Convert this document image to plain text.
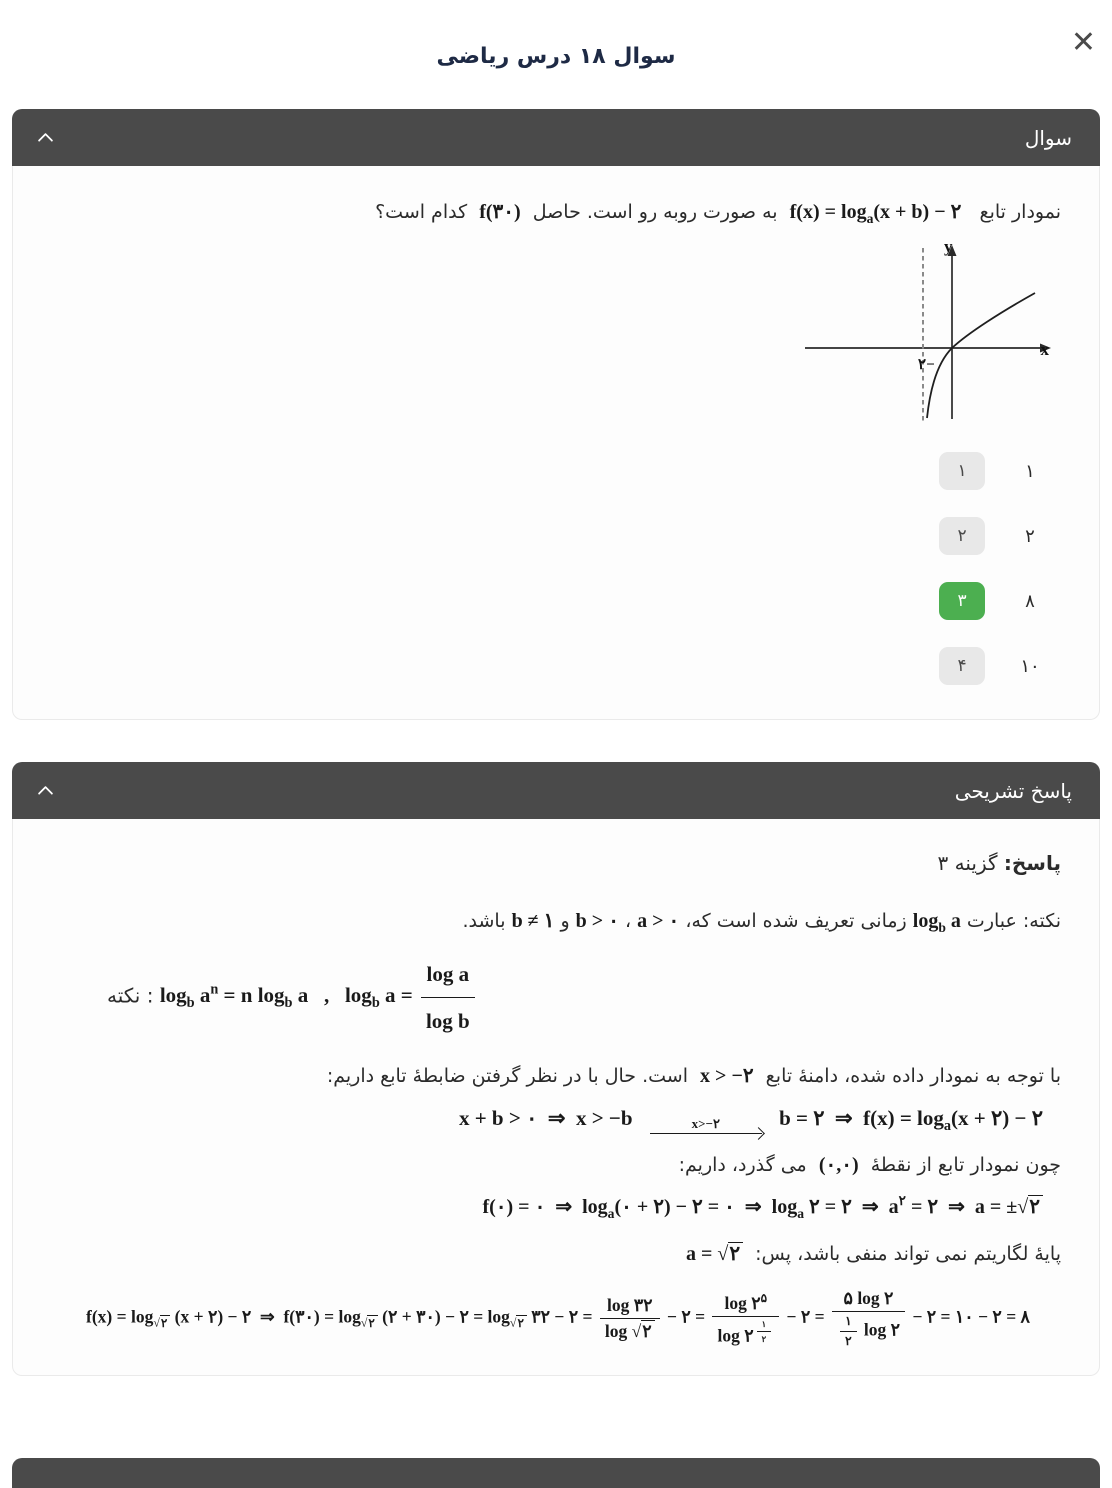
✕
سوال ۱۸ درس ریاضی
سوال

نمودار تابع   $f(x) = \log_a(x + b)$ − ۲  به صورت روبه رو است. حاصل  f(۳۰)  کدام است؟

y
x
−۲
۱
۱
۲
۲
۸
۳
۱۰
۴
پاسخ تشریحی

پاسخ: گزینه ۳

نکته: عبارت $\log_b a$ زمانی تعریف شده است که، a > ۰ ، b > ۰ و b ≠ ۱ باشد.

$\log_b a^n = n$ $\log_b a$   ,   $\log_b a = \frac{\text{log a}}{\text{log b}}$
: نکته

با توجه به نمودار داده شده، دامنهٔ تابع  x > −۲  است. حال با در نظر گرفتن ضابطهٔ تابع داریم:

x + b > ۰  ⇒  x > −b	x>−۲	b = ۲  ⇒  $f(x) = \log_a(x$ + ۲) − ۲

چون نمودار تابع از نقطهٔ  (۰,۰)  می گذرد، داریم:

f(۰) = ۰  ⇒  $\log_a(۰$ + ۲) − ۲ = ۰  ⇒  $\log_a$ ۲ = ۲  ⇒  $a^۲$ = ۲  ⇒  a = ±√۲

پایهٔ لگاریتم نمی تواند منفی باشد، پس:  a = √۲

$f(x) = \log_{√۲} (x$ + ۲) − ۲  ⇒  f(۳۰) = $\log_{√۲}$ (۲ + ۳۰) − ۲ = $\log_{√۲}$ ۳۲ − ۲ = $\frac{\log ۳۲}{\log √۲}$ − ۲ = $\log ۲^۵$
log ۲ $^{\frac{۱}{۲}}$ − ۲ = $\frac{۵ \log ۲}{\frac{۱}{۲} \log ۲}$ − ۲ = ۱۰ − ۲ = ۸
